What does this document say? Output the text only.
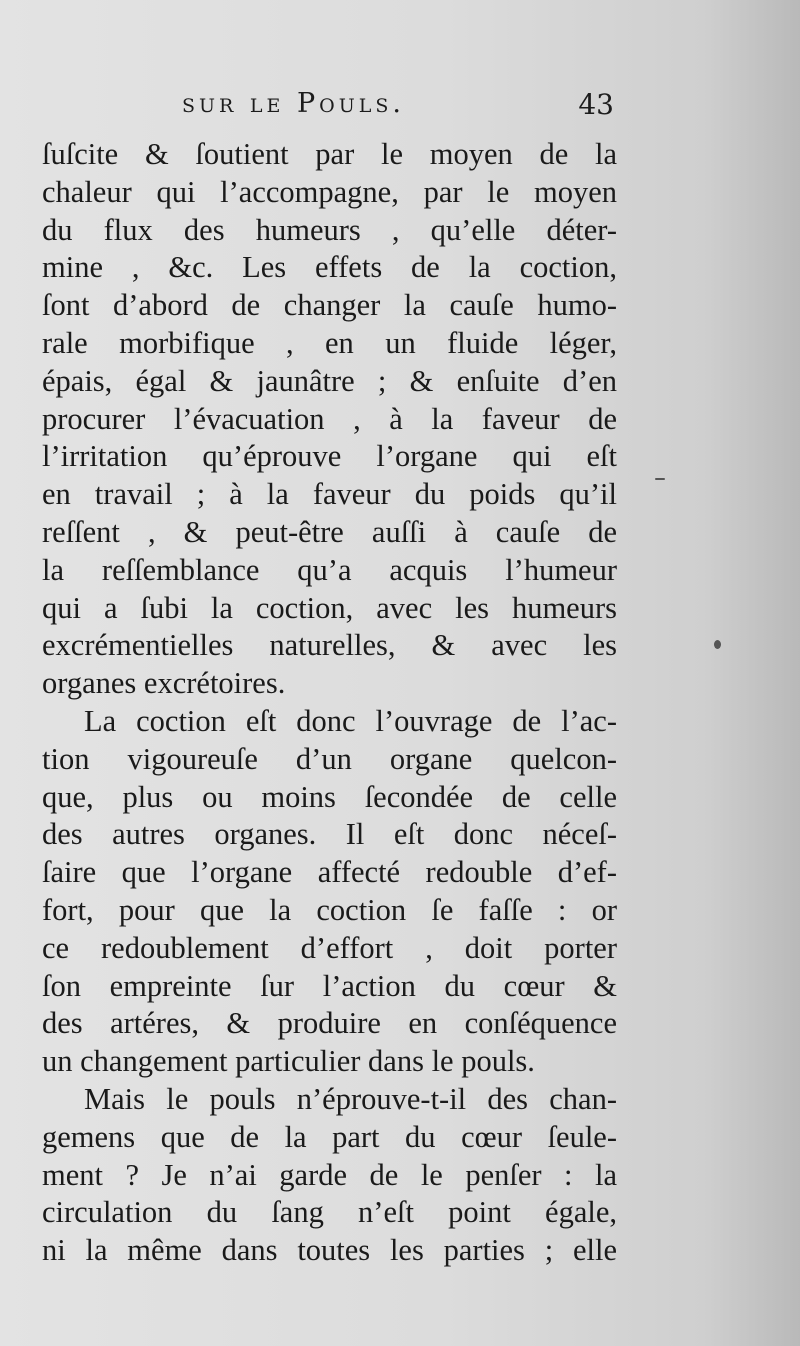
sur le Pouls.	43
ſuſcite & ſoutient par le moyen de la
chaleur qui l’accompagne, par le moyen
du flux des humeurs , qu’elle déter-
mine , &c. Les effets de la coction,
ſont d’abord de changer la cauſe humo-
rale morbifique , en un fluide léger,
épais, égal & jaunâtre ; & enſuite d’en
procurer l’évacuation , à la faveur de
l’irritation qu’éprouve l’organe qui eſt
en travail ; à la faveur du poids qu’il
reſſent , & peut-être auſſi à cauſe de
la reſſemblance qu’a acquis l’humeur
qui a ſubi la coction, avec les humeurs
excrémentielles naturelles, & avec les
organes excrétoires.
La coction eſt donc l’ouvrage de l’ac-
tion vigoureuſe d’un organe quelcon-
que, plus ou moins ſecondée de celle
des autres organes. Il eſt donc néceſ-
ſaire que l’organe affecté redouble d’ef-
fort, pour que la coction ſe faſſe : or
ce redoublement d’effort , doit porter
ſon empreinte ſur l’action du cœur &
des artéres, & produire en conſéquence
un changement particulier dans le pouls.
Mais le pouls n’éprouve-t-il des chan-
gemens que de la part du cœur ſeule-
ment ? Je n’ai garde de le penſer : la
circulation du ſang n’eſt point égale,
ni la même dans toutes les parties ; elle
